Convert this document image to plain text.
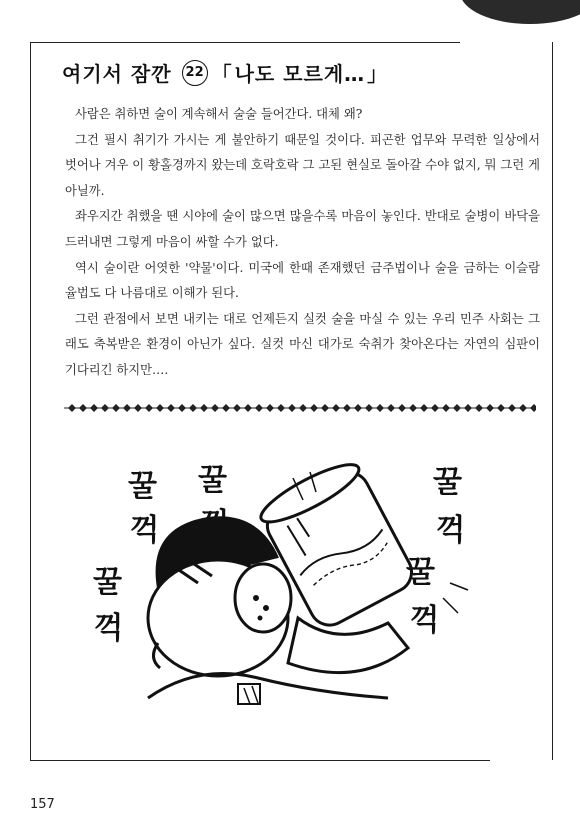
여기서 잠깐	22 「 나도 모르게… 」

사람은 취하면 술이 계속해서 술술 들어간다. 대체 왜?

그건 필시 취기가 가시는 게 불안하기 때문일 것이다. 피곤한 업무와 무력한 일상에서 벗어나 겨우 이 황홀경까지 왔는데 호락호락 그 고된 현실로 돌아갈 수야 없지, 뭐 그런 게 아닐까.

좌우지간 취했을 땐 시야에 술이 많으면 많을수록 마음이 놓인다. 반대로 술병이 바닥을 드러내면 그렇게 마음이 싸할 수가 없다.

역시 술이란 어엿한 '약물'이다. 미국에 한때 존재했던 금주법이나 술을 금하는 이슬람 율법도 다 나름대로 이해가 된다.

그런 관점에서 보면 내키는 대로 언제든지 실컷 술을 마실 수 있는 우리 민주 사회는 그래도 축복받은 환경이 아닌가 싶다. 실컷 마신 대가로 숙취가 찾아온다는 자연의 심판이 기다리긴 하지만….

꿀
꺽
꿀
꺽
꿀
꺽
꿀
꺽
꿀
꺽
157
